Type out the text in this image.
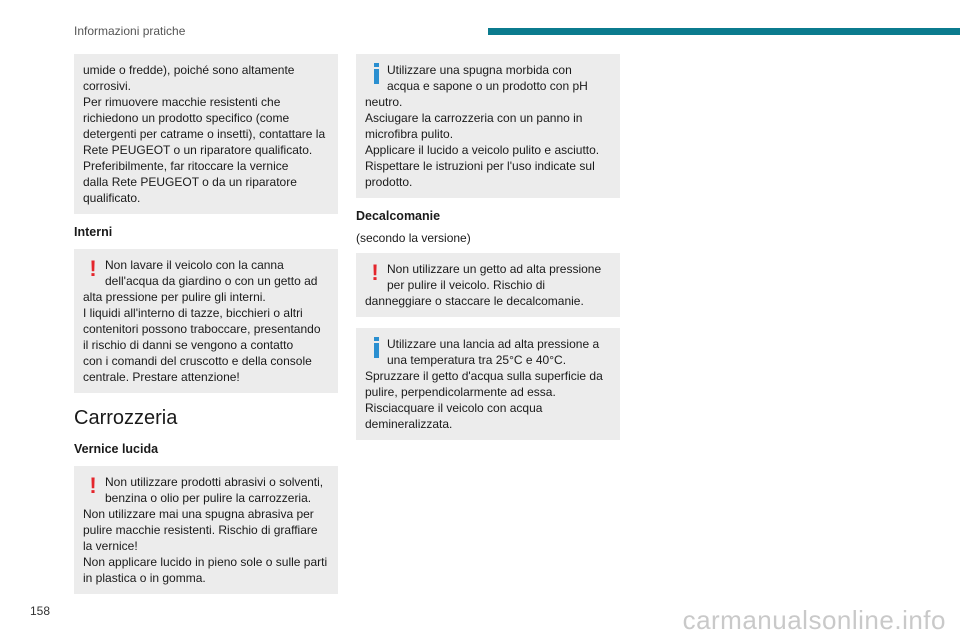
Informazioni pratiche
umide o fredde), poiché sono altamente
corrosivi.
Per rimuovere macchie resistenti che
richiedono un prodotto specifico (come
detergenti per catrame o insetti), contattare la
Rete PEUGEOT o un riparatore qualificato.
Preferibilmente, far ritoccare la vernice
dalla Rete PEUGEOT o da un riparatore
qualificato.
Interni
! Non lavare il veicolo con la canna
dell'acqua da giardino o con un getto ad
alta pressione per pulire gli interni.
I liquidi all'interno di tazze, bicchieri o altri
contenitori possono traboccare, presentando
il rischio di danni se vengono a contatto
con i comandi del cruscotto e della console
centrale. Prestare attenzione!
Carrozzeria
Vernice lucida
! Non utilizzare prodotti abrasivi o solventi,
benzina o olio per pulire la carrozzeria.
Non utilizzare mai una spugna abrasiva per
pulire macchie resistenti. Rischio di graffiare
la vernice!
Non applicare lucido in pieno sole o sulle parti
in plastica o in gomma.
Utilizzare una spugna morbida con
acqua e sapone o un prodotto con pH
neutro.
Asciugare la carrozzeria con un panno in
microfibra pulito.
Applicare il lucido a veicolo pulito e asciutto.
Rispettare le istruzioni per l'uso indicate sul
prodotto.
Decalcomanie
(secondo la versione)
! Non utilizzare un getto ad alta pressione
per pulire il veicolo. Rischio di
danneggiare o staccare le decalcomanie.
Utilizzare una lancia ad alta pressione a
una temperatura tra 25°C e 40°C.
Spruzzare il getto d'acqua sulla superficie da
pulire, perpendicolarmente ad essa.
Risciacquare il veicolo con acqua
demineralizzata.
158	carmanualsonline.info
